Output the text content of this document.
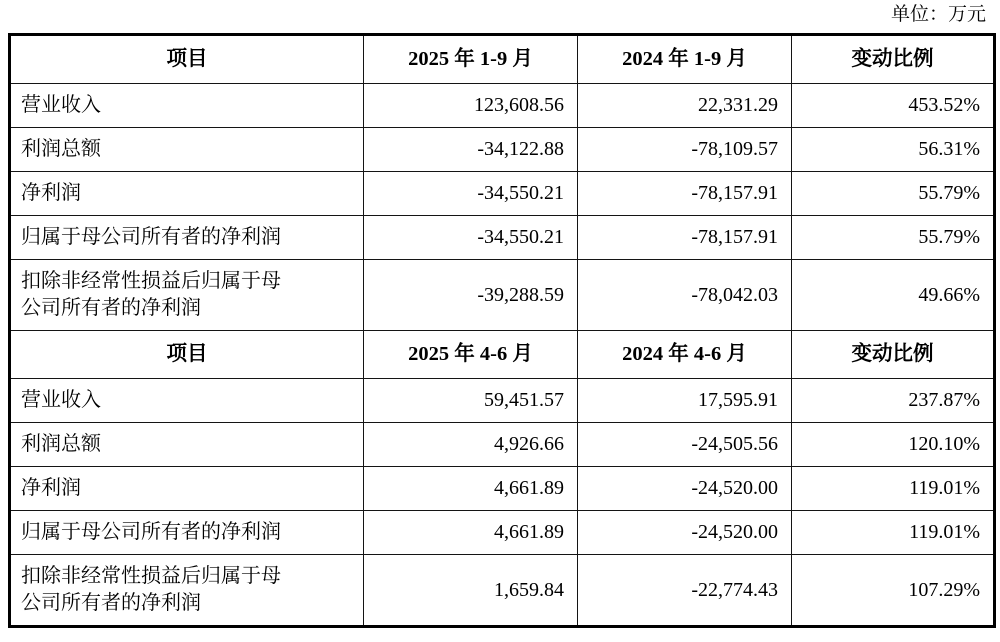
单位：万元
项目	2025 年 1-9 月	2024 年 1-9 月	变动比例
营业收入	123,608.56	22,331.29	453.52%
利润总额	-34,122.88	-78,109.57	56.31%
净利润	-34,550.21	-78,157.91	55.79%
归属于母公司所有者的净利润	-34,550.21	-78,157.91	55.79%
扣除非经常性损益后归属于母公司所有者的净利润	-39,288.59	-78,042.03	49.66%
项目	2025 年 4-6 月	2024 年 4-6 月	变动比例
营业收入	59,451.57	17,595.91	237.87%
利润总额	4,926.66	-24,505.56	120.10%
净利润	4,661.89	-24,520.00	119.01%
归属于母公司所有者的净利润	4,661.89	-24,520.00	119.01%
扣除非经常性损益后归属于母公司所有者的净利润	1,659.84	-22,774.43	107.29%
